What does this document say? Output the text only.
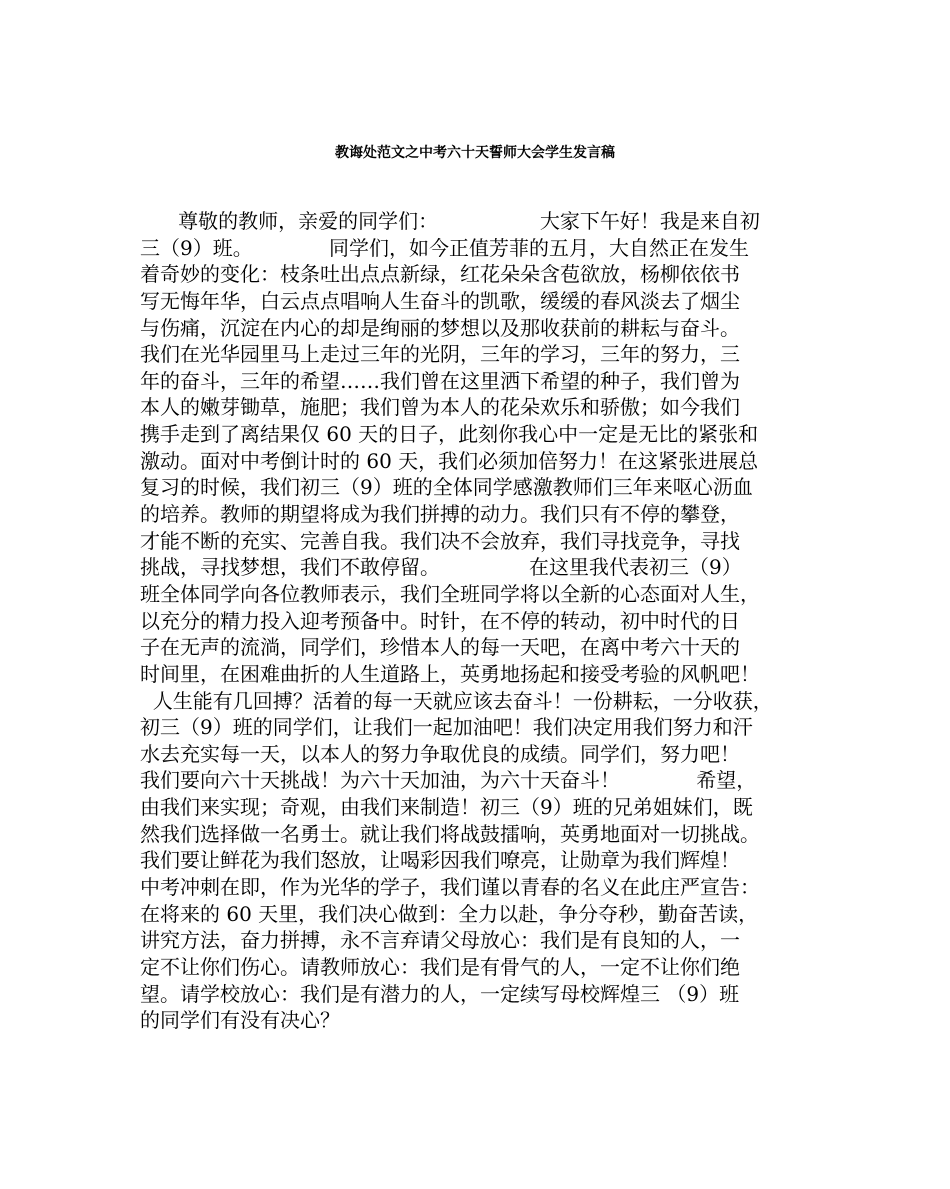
教诲处范文之中考六十天誓师大会学生发言稿
尊敬的教师，亲爱的同学们：                大家下午好！我是来自初
三（9）班。            同学们，如今正值芳菲的五月，大自然正在发生
着奇妙的变化：枝条吐出点点新绿，红花朵朵含苞欲放，杨柳依依书
写无悔年华，白云点点唱响人生奋斗的凯歌，缓缓的春风淡去了烟尘
与伤痛，沉淀在内心的却是绚丽的梦想以及那收获前的耕耘与奋斗。
我们在光华园里马上走过三年的光阴，三年的学习，三年的努力，三
年的奋斗，三年的希望……我们曾在这里洒下希望的种子，我们曾为
本人的嫩芽锄草，施肥；我们曾为本人的花朵欢乐和骄傲；如今我们
携手走到了离结果仅 60 天的日子，此刻你我心中一定是无比的紧张和
激动。面对中考倒计时的 60 天，我们必须加倍努力！在这紧张进展总
复习的时候，我们初三（9）班的全体同学感激教师们三年来呕心沥血
的培养。教师的期望将成为我们拼搏的动力。我们只有不停的攀登，
才能不断的充实、完善自我。我们决不会放弃，我们寻找竞争，寻找
挑战，寻找梦想，我们不敢停留。              在这里我代表初三（9）
班全体同学向各位教师表示，我们全班同学将以全新的心态面对人生，
以充分的精力投入迎考预备中。时针，在不停的转动，初中时代的日
子在无声的流淌，同学们，珍惜本人的每一天吧，在离中考六十天的
时间里，在困难曲折的人生道路上，英勇地扬起和接受考验的风帆吧！
人生能有几回搏？活着的每一天就应该去奋斗！一份耕耘，一分收获，
初三（9）班的同学们，让我们一起加油吧！我们决定用我们努力和汗
水去充实每一天，以本人的努力争取优良的成绩。同学们，努力吧！
我们要向六十天挑战！为六十天加油，为六十天奋斗！            希望，
由我们来实现；奇观，由我们来制造！初三（9）班的兄弟姐妹们，既
然我们选择做一名勇士。就让我们将战鼓擂响，英勇地面对一切挑战。
我们要让鲜花为我们怒放，让喝彩因我们嘹亮，让勋章为我们辉煌！
中考冲刺在即，作为光华的学子，我们谨以青春的名义在此庄严宣告：
在将来的 60 天里，我们决心做到：全力以赴，争分夺秒，勤奋苦读，
讲究方法，奋力拼搏，永不言弃请父母放心：我们是有良知的人，一
定不让你们伤心。请教师放心：我们是有骨气的人，一定不让你们绝
望。请学校放心：我们是有潜力的人，一定续写母校辉煌三 （9）班
的同学们有没有决心？
